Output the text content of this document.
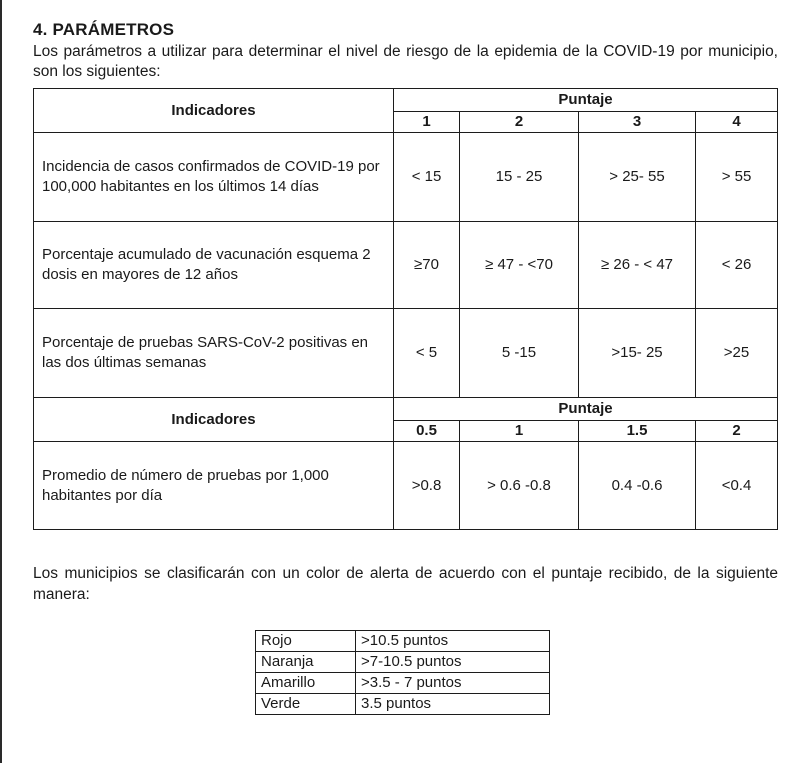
4. PARÁMETROS
Los parámetros a utilizar para determinar el nivel de riesgo de la epidemia de la COVID-19 por municipio, son los siguientes:
Indicadores	Puntaje			
	1	2	3	4
Incidencia de casos confirmados de COVID-19 por 100,000 habitantes en los últimos 14 días	< 15	15 - 25	> 25- 55	> 55
Porcentaje acumulado de vacunación esquema 2 dosis en mayores de 12 años	≥70	≥ 47 - <70	≥ 26 - < 47	< 26
Porcentaje de pruebas SARS-CoV-2 positivas en las dos últimas semanas	< 5	5 -15	>15- 25	>25
Indicadores	Puntaje			
	0.5	1	1.5	2
Promedio de número de pruebas por 1,000 habitantes por día	>0.8	> 0.6 -0.8	0.4 -0.6	<0.4
Los municipios se clasificarán con un color de alerta de acuerdo con el puntaje recibido, de la siguiente manera:
Rojo	>10.5 puntos
Naranja	>7-10.5 puntos
Amarillo	>3.5 - 7 puntos
Verde	3.5 puntos
